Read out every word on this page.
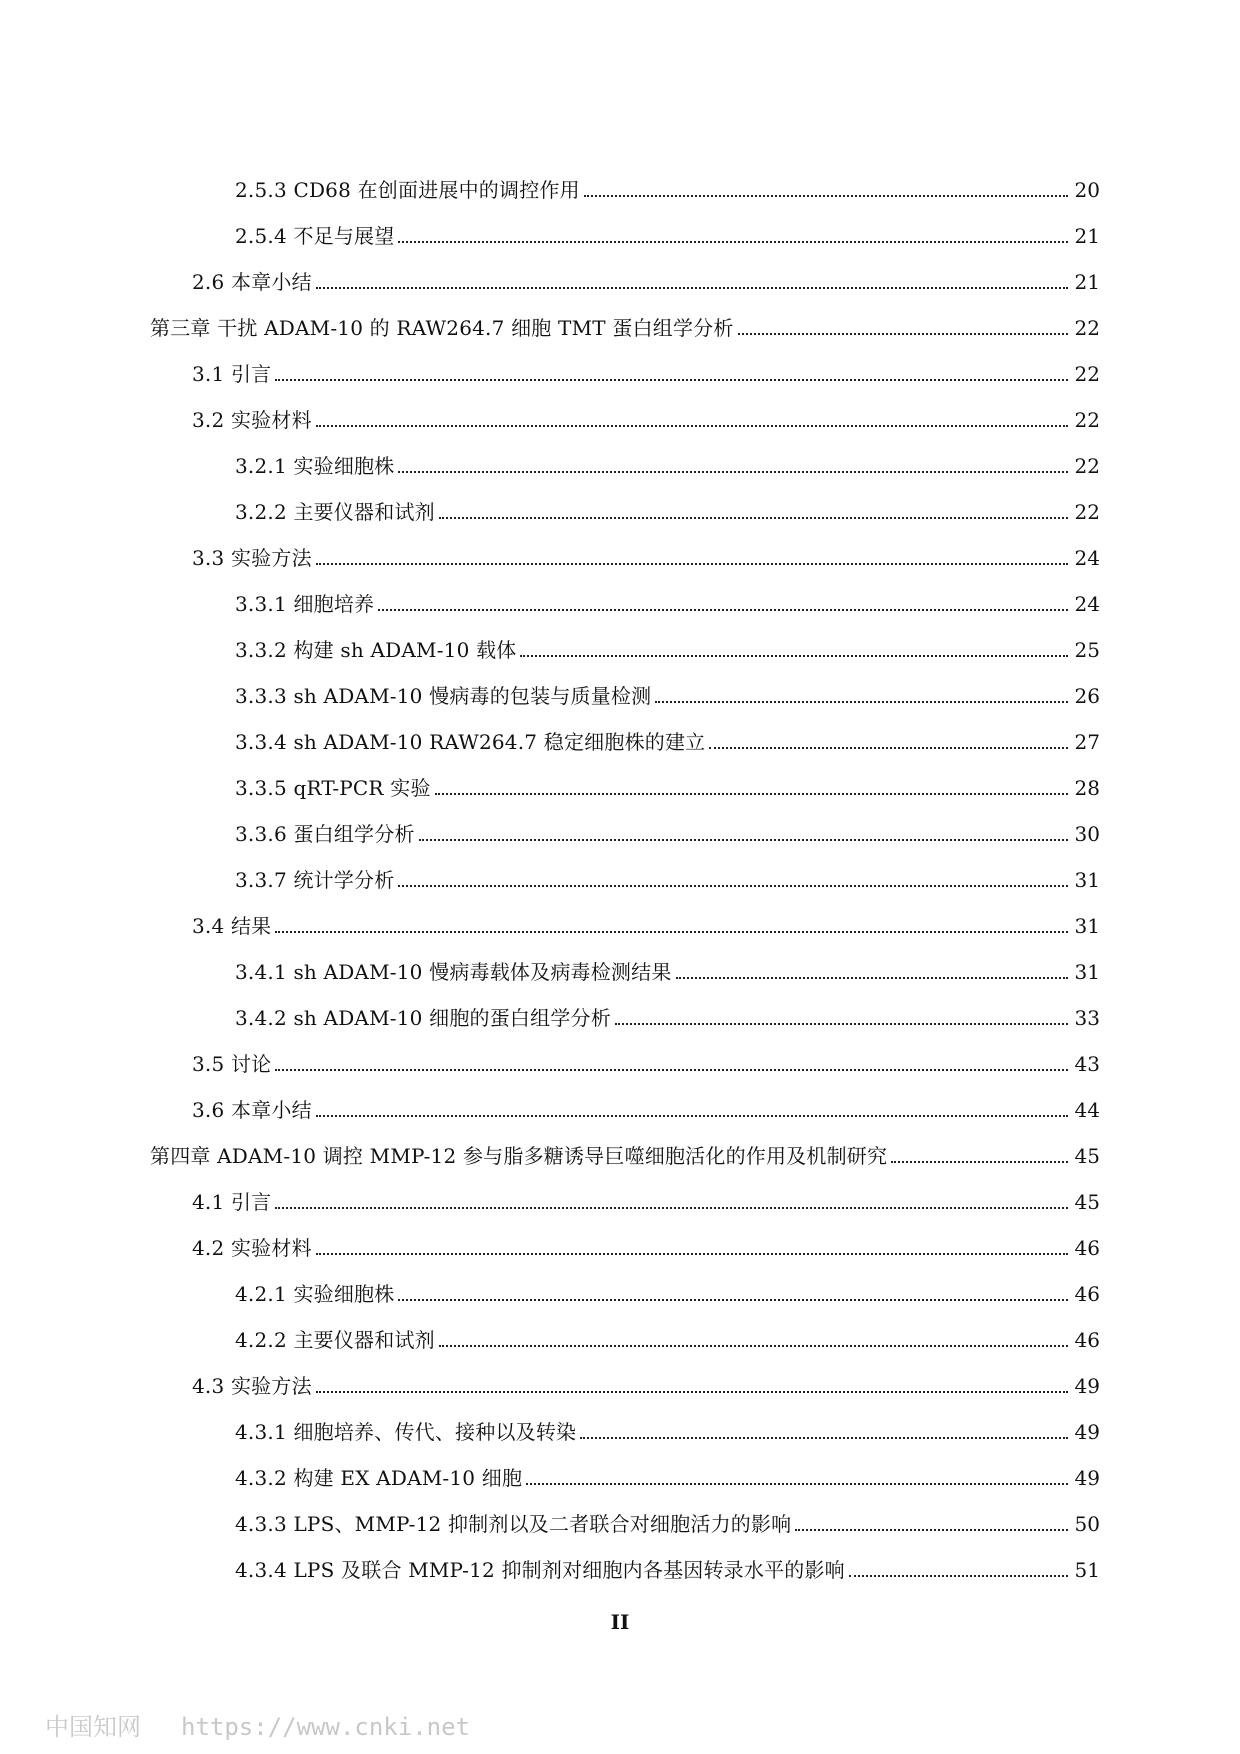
2.5.3 CD68 在创面进展中的调控作用	20
2.5.4 不足与展望	21
2.6 本章小结	21
第三章 干扰 ADAM-10 的 RAW264.7 细胞 TMT 蛋白组学分析	22
3.1 引言	22
3.2 实验材料	22
3.2.1 实验细胞株	22
3.2.2 主要仪器和试剂	22
3.3 实验方法	24
3.3.1 细胞培养	24
3.3.2 构建 sh ADAM-10 载体	25
3.3.3 sh ADAM-10 慢病毒的包装与质量检测	26
3.3.4 sh ADAM-10 RAW264.7 稳定细胞株的建立	27
3.3.5 qRT-PCR 实验	28
3.3.6 蛋白组学分析	30
3.3.7 统计学分析	31
3.4 结果	31
3.4.1 sh ADAM-10 慢病毒载体及病毒检测结果	31
3.4.2 sh ADAM-10 细胞的蛋白组学分析	33
3.5 讨论	43
3.6 本章小结	44
第四章 ADAM-10 调控 MMP-12 参与脂多糖诱导巨噬细胞活化的作用及机制研究	45
4.1 引言	45
4.2 实验材料	46
4.2.1 实验细胞株	46
4.2.2 主要仪器和试剂	46
4.3 实验方法	49
4.3.1 细胞培养、传代、接种以及转染	49
4.3.2 构建 EX ADAM-10 细胞	49
4.3.3 LPS、MMP-12 抑制剂以及二者联合对细胞活力的影响	50
4.3.4 LPS 及联合 MMP-12 抑制剂对细胞内各基因转录水平的影响	51
II
中国知网 https://www.cnki.net
